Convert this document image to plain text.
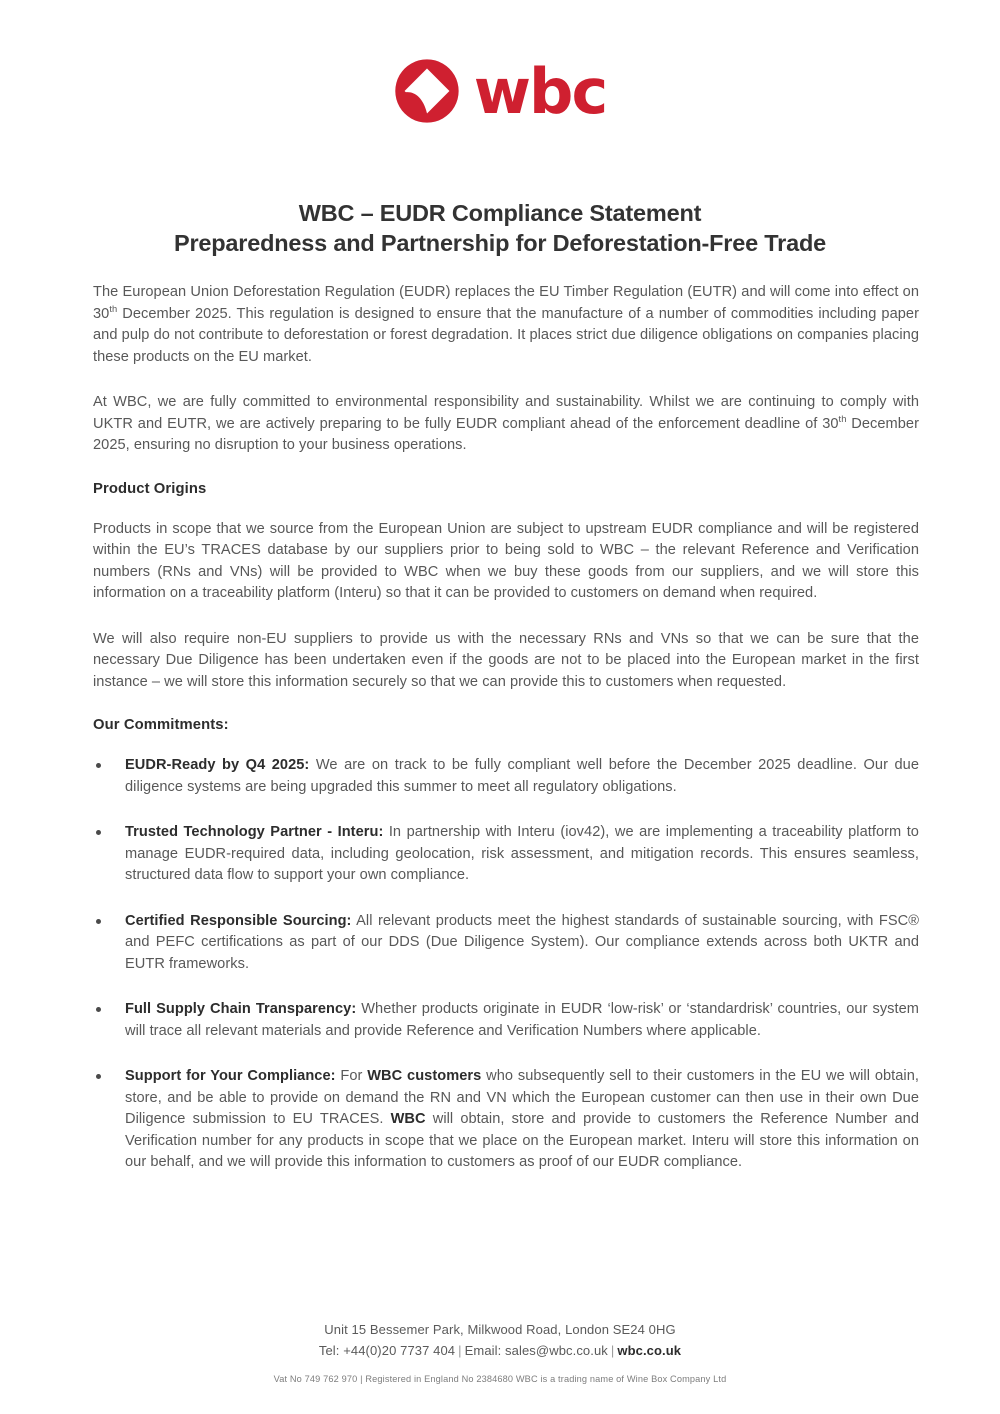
wbc
WBC – EUDR Compliance Statement
Preparedness and Partnership for Deforestation-Free Trade

The European Union Deforestation Regulation (EUDR) replaces the EU Timber Regulation (EUTR) and will come into effect on 30th December 2025. This regulation is designed to ensure that the manufacture of a number of commodities including paper and pulp do not contribute to deforestation or forest degradation. It places strict due diligence obligations on companies placing these products on the EU market.

At WBC, we are fully committed to environmental responsibility and sustainability. Whilst we are continuing to comply with UKTR and EUTR, we are actively preparing to be fully EUDR compliant ahead of the enforcement deadline of 30th December 2025, ensuring no disruption to your business operations.

Product Origins

Products in scope that we source from the European Union are subject to upstream EUDR compliance and will be registered within the EU’s TRACES database by our suppliers prior to being sold to WBC – the relevant Reference and Verification numbers (RNs and VNs) will be provided to WBC when we buy these goods from our suppliers, and we will store this information on a traceability platform (Interu) so that it can be provided to customers on demand when required.

We will also require non-EU suppliers to provide us with the necessary RNs and VNs so that we can be sure that the necessary Due Diligence has been undertaken even if the goods are not to be placed into the European market in the first instance – we will store this information securely so that we can provide this to customers when requested.

Our Commitments:
EUDR-Ready by Q4 2025: We are on track to be fully compliant well before the December 2025 deadline. Our due diligence systems are being upgraded this summer to meet all regulatory obligations.
Trusted Technology Partner - Interu: In partnership with Interu (iov42), we are implementing a traceability platform to manage EUDR-required data, including geolocation, risk assessment, and mitigation records. This ensures seamless, structured data flow to support your own compliance.
Certified Responsible Sourcing: All relevant products meet the highest standards of sustainable sourcing, with FSC® and PEFC certifications as part of our DDS (Due Diligence System). Our compliance extends across both UKTR and EUTR frameworks.
Full Supply Chain Transparency: Whether products originate in EUDR ‘low-risk’ or ‘standardrisk’ countries, our system will trace all relevant materials and provide Reference and Verification Numbers where applicable.
Support for Your Compliance: For WBC customers who subsequently sell to their customers in the EU we will obtain, store, and be able to provide on demand the RN and VN which the European customer can then use in their own Due Diligence submission to EU TRACES. WBC will obtain, store and provide to customers the Reference Number and Verification number for any products in scope that we place on the European market. Interu will store this information on our behalf, and we will provide this information to customers as proof of our EUDR compliance.
Unit 15 Bessemer Park, Milkwood Road, London SE24 0HG
Tel: +44(0)20 7737 404 | Email: sales@wbc.co.uk | wbc.co.uk
Vat No 749 762 970 | Registered in England No 2384680 WBC is a trading name of Wine Box Company Ltd
